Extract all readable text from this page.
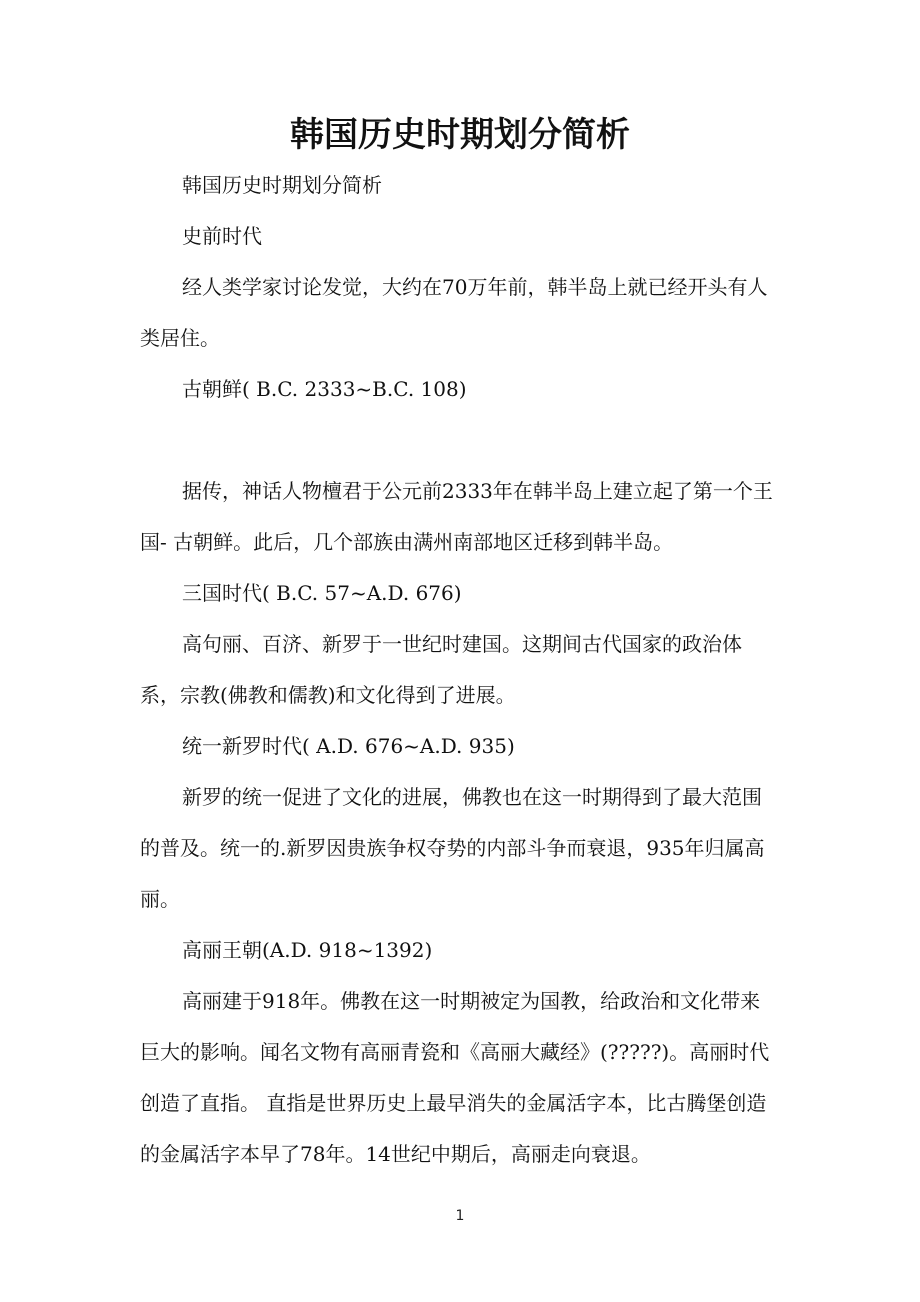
韩国历史时期划分简析

韩国历史时期划分简析

史前时代

经人类学家讨论发觉，大约在70万年前，韩半岛上就已经开头有人类居住。

古朝鲜( B.C. 2333~B.C. 108)

据传，神话人物檀君于公元前2333年在韩半岛上建立起了第一个王国- 古朝鲜。此后，几个部族由满州南部地区迁移到韩半岛。

三国时代( B.C. 57~A.D. 676)

高句丽、百济、新罗于一世纪时建国。这期间古代国家的政治体系，宗教(佛教和儒教)和文化得到了进展。

统一新罗时代( A.D. 676~A.D. 935)

新罗的统一促进了文化的进展，佛教也在这一时期得到了最大范围的普及。统一的.新罗因贵族争权夺势的内部斗争而衰退，935年归属高丽。

高丽王朝(A.D. 918~1392)

高丽建于918年。佛教在这一时期被定为国教，给政治和文化带来巨大的影响。闻名文物有高丽青瓷和《高丽大藏经》(?????)。高丽时代创造了直指。 直指是世界历史上最早消失的金属活字本，比古腾堡创造的金属活字本早了78年。14世纪中期后，高丽走向衰退。

1
